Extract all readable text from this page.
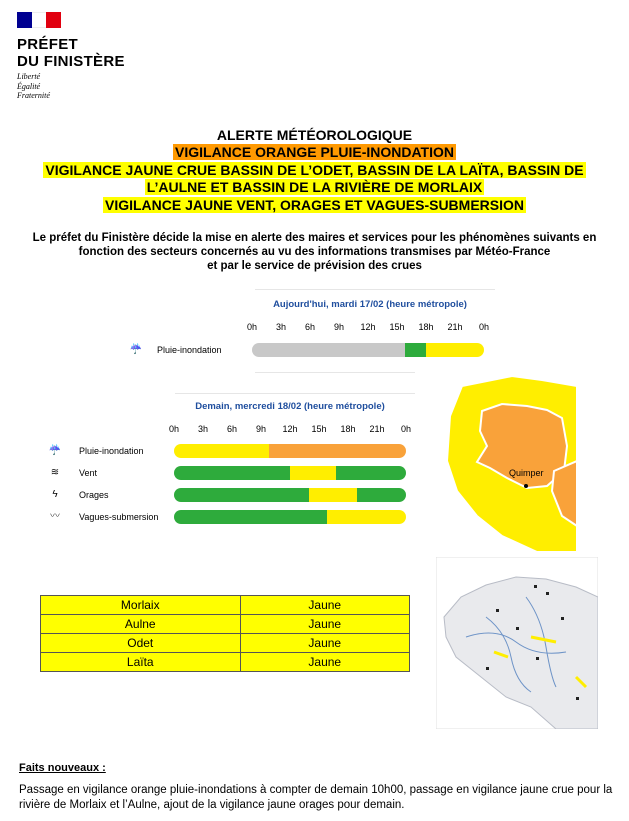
PRÉFET
DU FINISTÈRE
Liberté
Égalité
Fraternité
ALERTE MÉTÉOROLOGIQUE
VIGILANCE ORANGE PLUIE-INONDATION
VIGILANCE JAUNE CRUE BASSIN DE L’ODET, BASSIN DE LA LAÏTA, BASSIN DE
L’AULNE ET BASSIN DE LA RIVIÈRE DE MORLAIX
VIGILANCE JAUNE VENT, ORAGES ET VAGUES-SUBMERSION
Le préfet du Finistère décide la mise en alerte des maires et services pour les phénomènes suivants en
fonction des secteurs concernés au vu des informations transmises par Météo-France
et par le service de prévision des crues
Aujourd'hui, mardi 17/02 (heure métropole)
0h	3h	6h	9h	12h	15h	18h	21h	0h
☔	Pluie-inondation
Demain, mercredi 18/02 (heure métropole)
0h	3h	6h	9h	12h	15h	18h	21h	0h
☔	Pluie-inondation
≋	Vent
ϟ	Orages
〰	Vagues-submersion
Quimper
Morlaix	Jaune
Aulne	Jaune
Odet	Jaune
Laïta	Jaune
Faits nouveaux :
Passage en vigilance orange pluie-inondations à compter de demain 10h00, passage en vigilance jaune crue pour la rivière de Morlaix et l’Aulne, ajout de la vigilance jaune orages pour demain.
